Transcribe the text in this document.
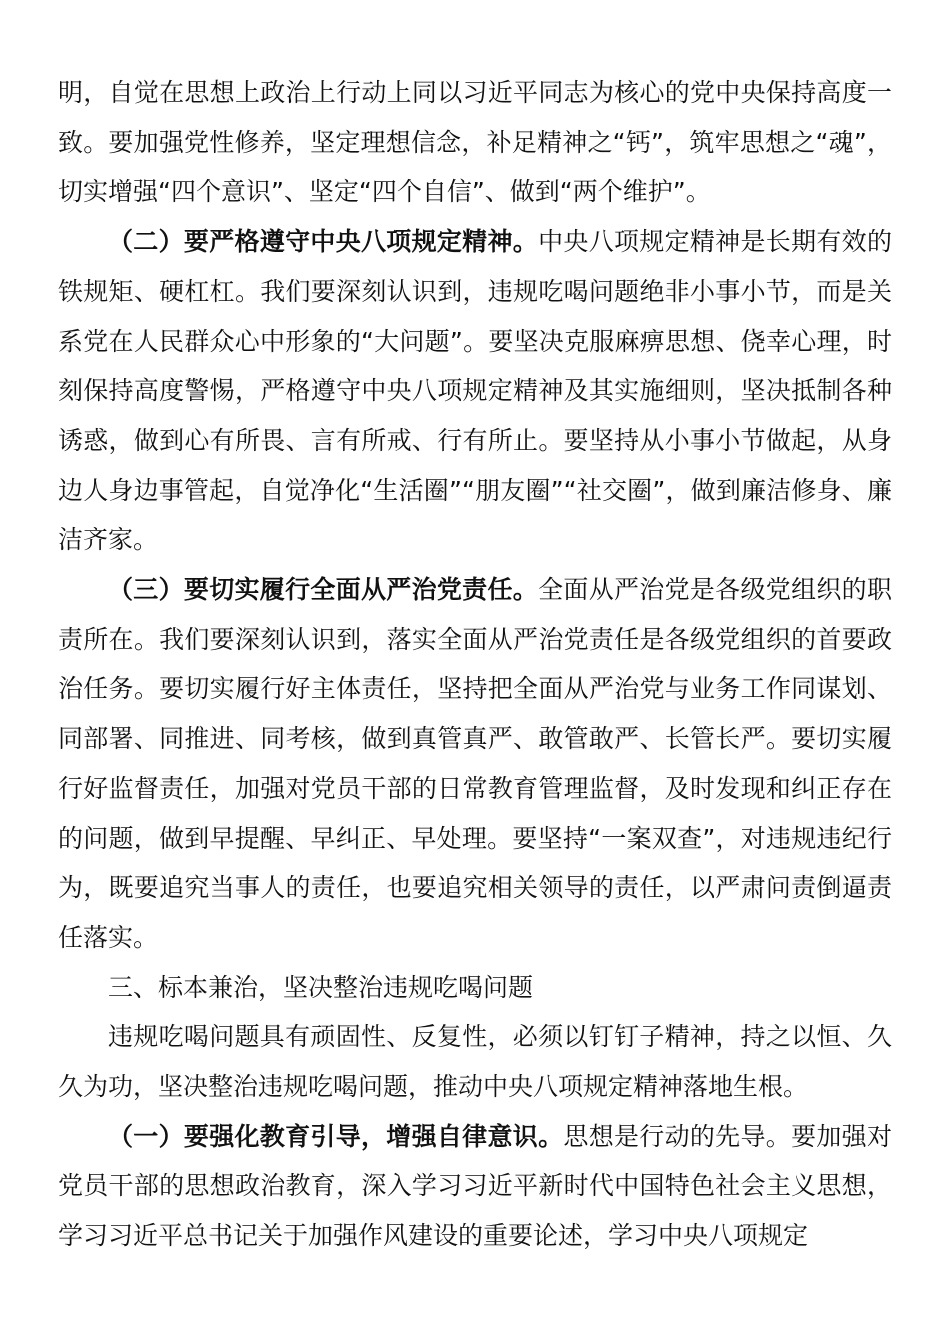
明，自觉在思想上政治上行动上同以习近平同志为核心的党中央保持高度一致。要加强党性修养，坚定理想信念，补足精神之“钙”，筑牢思想之“魂”，切实增强“四个意识”、坚定“四个自信”、做到“两个维护”。

（二）要严格遵守中央八项规定精神。中央八项规定精神是长期有效的铁规矩、硬杠杠。我们要深刻认识到，违规吃喝问题绝非小事小节，而是关系党在人民群众心中形象的“大问题”。要坚决克服麻痹思想、侥幸心理，时刻保持高度警惕，严格遵守中央八项规定精神及其实施细则，坚决抵制各种诱惑，做到心有所畏、言有所戒、行有所止。要坚持从小事小节做起，从身边人身边事管起，自觉净化“生活圈”“朋友圈”“社交圈”，做到廉洁修身、廉洁齐家。

（三）要切实履行全面从严治党责任。全面从严治党是各级党组织的职责所在。我们要深刻认识到，落实全面从严治党责任是各级党组织的首要政治任务。要切实履行好主体责任，坚持把全面从严治党与业务工作同谋划、同部署、同推进、同考核，做到真管真严、敢管敢严、长管长严。要切实履行好监督责任，加强对党员干部的日常教育管理监督，及时发现和纠正存在的问题，做到早提醒、早纠正、早处理。要坚持“一案双查”，对违规违纪行为，既要追究当事人的责任，也要追究相关领导的责任，以严肃问责倒逼责任落实。

三、标本兼治，坚决整治违规吃喝问题

违规吃喝问题具有顽固性、反复性，必须以钉钉子精神，持之以恒、久久为功，坚决整治违规吃喝问题，推动中央八项规定精神落地生根。

（一）要强化教育引导，增强自律意识。思想是行动的先导。要加强对党员干部的思想政治教育，深入学习习近平新时代中国特色社会主义思想，学习习近平总书记关于加强作风建设的重要论述，学习中央八项规定
